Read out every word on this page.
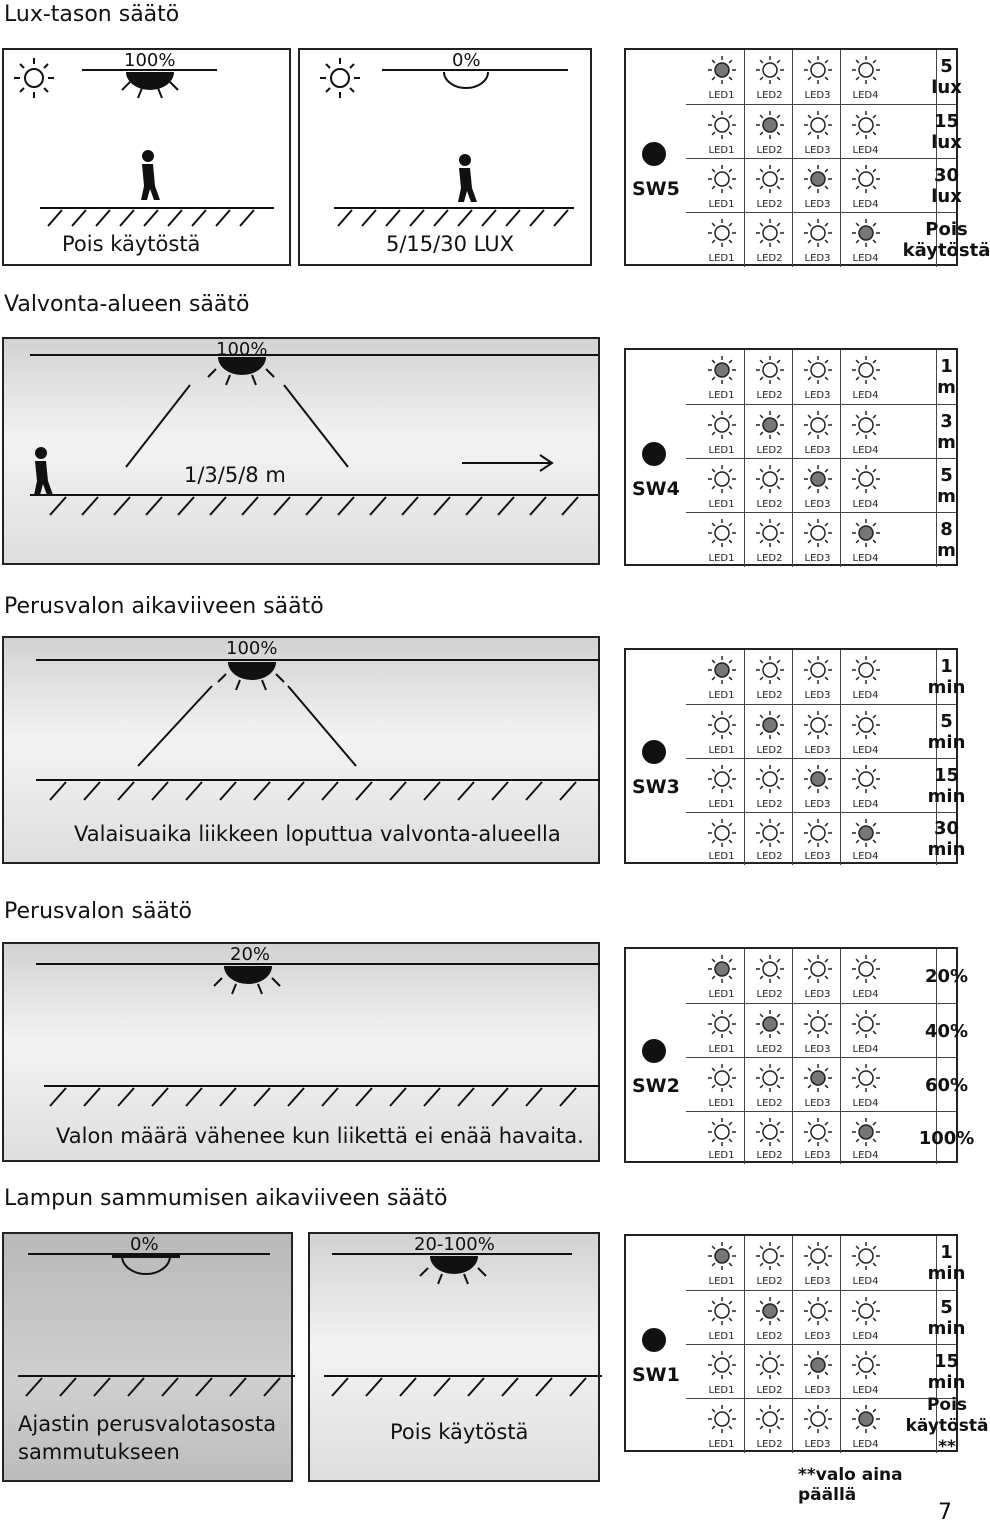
Lux-tason säätö
100%
Pois käytöstä
0%
5/15/30 LUX
SW5
LED1	LED2	LED3	LED4
5 lux
LED1	LED2	LED3	LED4
15 lux
LED1	LED2	LED3	LED4
30 lux
LED1	LED2	LED3	LED4
Pois käytöstä
Valvonta-alueen säätö
100%
1/3/5/8 m
SW4
LED1	LED2	LED3	LED4
1 m
LED1	LED2	LED3	LED4
3 m
LED1	LED2	LED3	LED4
5 m
LED1	LED2	LED3	LED4
8 m
Perusvalon aikaviiveen säätö
100%
Valaisuaika liikkeen loputtua valvonta-alueella
SW3
LED1	LED2	LED3	LED4
1 min
LED1	LED2	LED3	LED4
5 min
LED1	LED2	LED3	LED4
15 min
LED1	LED2	LED3	LED4
30 min
Perusvalon säätö
20%
Valon määrä vähenee kun liikettä ei enää havaita.
SW2
LED1	LED2	LED3	LED4
20%
LED1	LED2	LED3	LED4
40%
LED1	LED2	LED3	LED4
60%
LED1	LED2	LED3	LED4
100%
Lampun sammumisen aikaviiveen säätö
0%
Ajastin perusvalotasosta sammutukseen
20-100%
Pois käytöstä
SW1
LED1	LED2	LED3	LED4
1 min
LED1	LED2	LED3	LED4
5 min
LED1	LED2	LED3	LED4
15 min
LED1	LED2	LED3	LED4
Pois käytöstä **
**valo aina päällä
7
